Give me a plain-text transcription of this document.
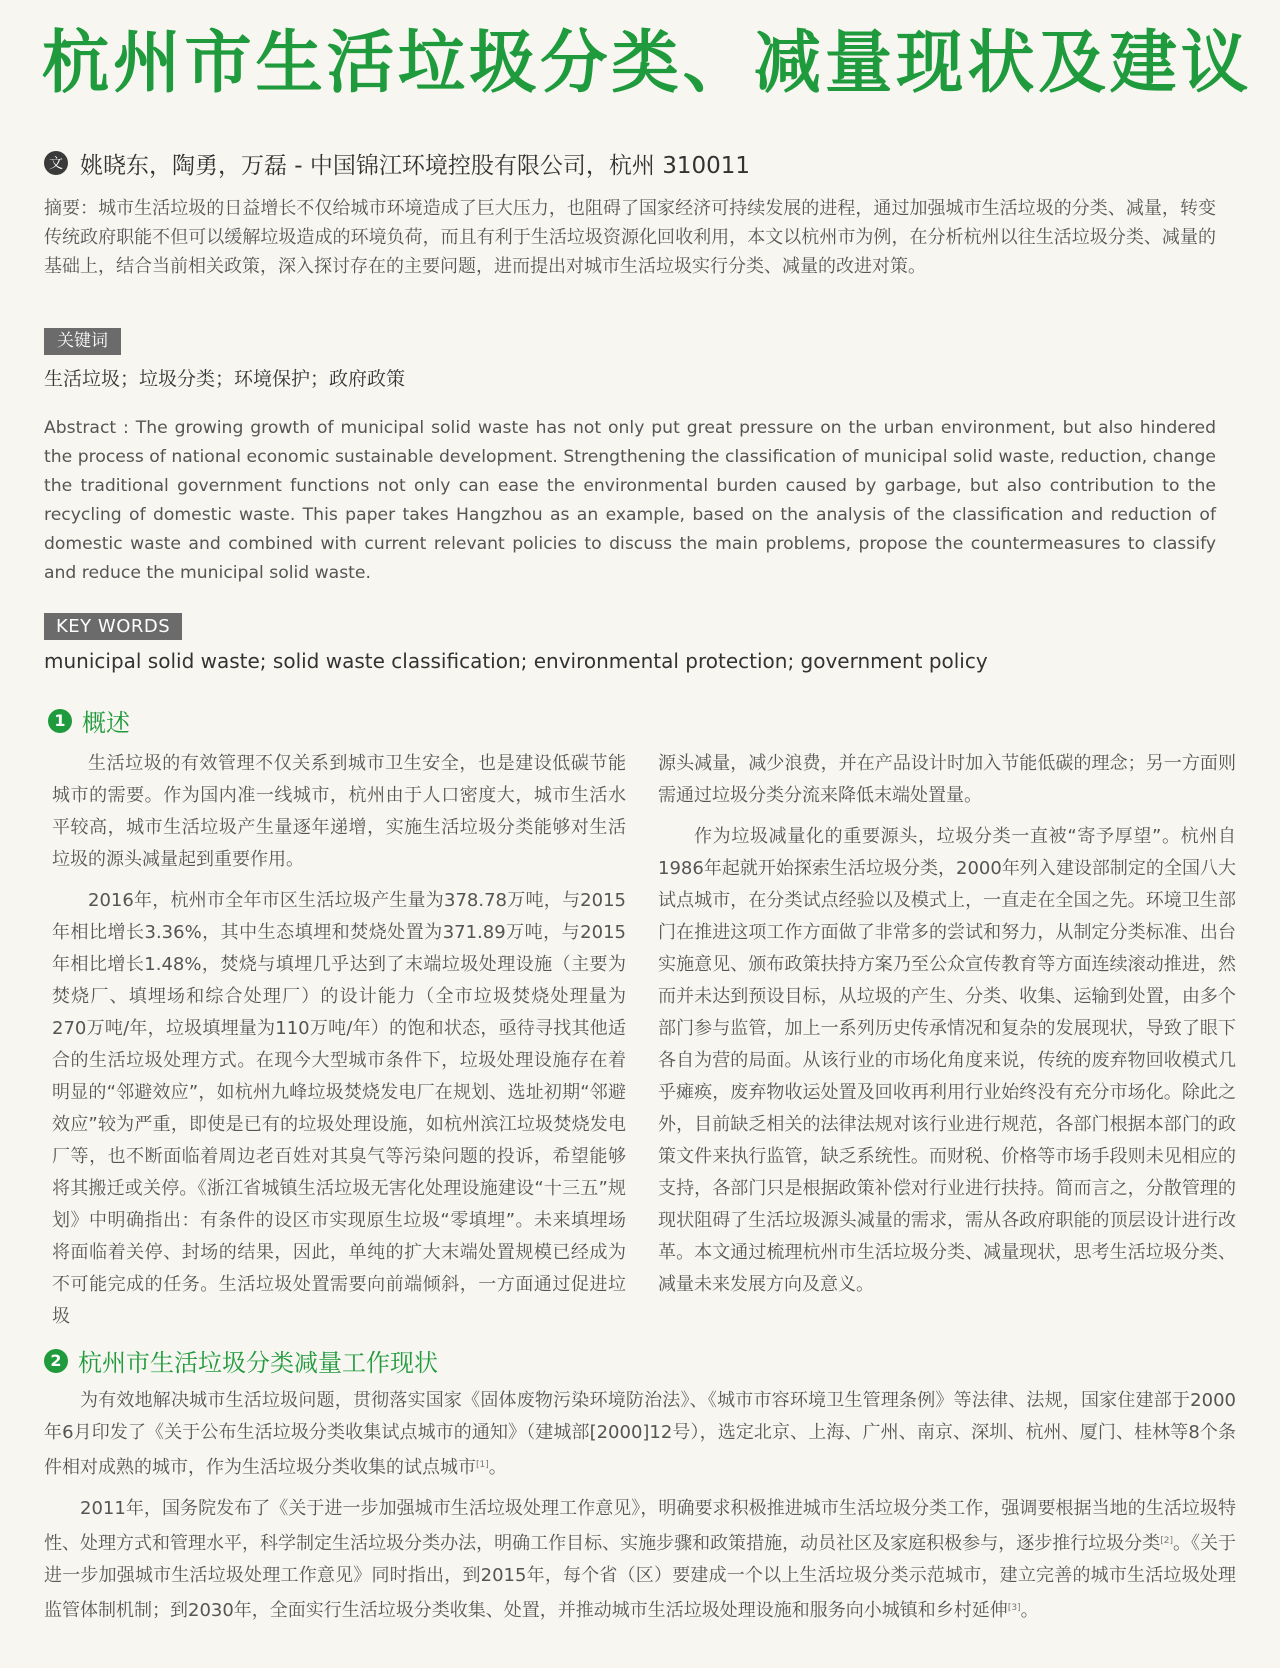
杭州市生活垃圾分类、减量现状及建议
文 姚晓东，陶勇，万磊 - 中国锦江环境控股有限公司，杭州 310011
摘要：城市生活垃圾的日益增长不仅给城市环境造成了巨大压力，也阻碍了国家经济可持续发展的进程，通过加强城市生活垃圾的分类、减量，转变传统政府职能不但可以缓解垃圾造成的环境负荷，而且有利于生活垃圾资源化回收利用，本文以杭州市为例，在分析杭州以往生活垃圾分类、减量的基础上，结合当前相关政策，深入探讨存在的主要问题，进而提出对城市生活垃圾实行分类、减量的改进对策。
关键词
生活垃圾；垃圾分类；环境保护；政府政策
Abstract : The growing growth of municipal solid waste has not only put great pressure on the urban environment, but also hindered the process of national economic sustainable development. Strengthening the classification of municipal solid waste, reduction, change the traditional government functions not only can ease the environmental burden caused by garbage, but also contribution to the recycling of domestic waste. This paper takes Hangzhou as an example, based on the analysis of the classification and reduction of domestic waste and combined with current relevant policies to discuss the main problems, propose the countermeasures to classify and reduce the municipal solid waste.
KEY WORDS
municipal solid waste; solid waste classification; environmental protection; government policy
1 概述

生活垃圾的有效管理不仅关系到城市卫生安全，也是建设低碳节能城市的需要。作为国内准一线城市，杭州由于人口密度大，城市生活水平较高，城市生活垃圾产生量逐年递增，实施生活垃圾分类能够对生活垃圾的源头减量起到重要作用。

2016年，杭州市全年市区生活垃圾产生量为378.78万吨，与2015年相比增长3.36%，其中生态填埋和焚烧处置为371.89万吨，与2015年相比增长1.48%，焚烧与填埋几乎达到了末端垃圾处理设施（主要为焚烧厂、填埋场和综合处理厂）的设计能力（全市垃圾焚烧处理量为270万吨/年，垃圾填埋量为110万吨/年）的饱和状态，亟待寻找其他适合的生活垃圾处理方式。在现今大型城市条件下，垃圾处理设施存在着明显的“邻避效应”，如杭州九峰垃圾焚烧发电厂在规划、选址初期“邻避效应”较为严重，即使是已有的垃圾处理设施，如杭州滨江垃圾焚烧发电厂等，也不断面临着周边老百姓对其臭气等污染问题的投诉，希望能够将其搬迁或关停。《浙江省城镇生活垃圾无害化处理设施建设“十三五”规划》中明确指出：有条件的设区市实现原生垃圾“零填埋”。未来填埋场将面临着关停、封场的结果，因此，单纯的扩大末端处置规模已经成为不可能完成的任务。生活垃圾处置需要向前端倾斜，一方面通过促进垃圾

源头减量，减少浪费，并在产品设计时加入节能低碳的理念；另一方面则需通过垃圾分类分流来降低末端处置量。

作为垃圾减量化的重要源头，垃圾分类一直被“寄予厚望”。杭州自1986年起就开始探索生活垃圾分类，2000年列入建设部制定的全国八大试点城市，在分类试点经验以及模式上，一直走在全国之先。环境卫生部门在推进这项工作方面做了非常多的尝试和努力，从制定分类标准、出台实施意见、颁布政策扶持方案乃至公众宣传教育等方面连续滚动推进，然而并未达到预设目标，从垃圾的产生、分类、收集、运输到处置，由多个部门参与监管，加上一系列历史传承情况和复杂的发展现状，导致了眼下各自为营的局面。从该行业的市场化角度来说，传统的废弃物回收模式几乎瘫痪，废弃物收运处置及回收再利用行业始终没有充分市场化。除此之外，目前缺乏相关的法律法规对该行业进行规范，各部门根据本部门的政策文件来执行监管，缺乏系统性。而财税、价格等市场手段则未见相应的支持，各部门只是根据政策补偿对行业进行扶持。简而言之，分散管理的现状阻碍了生活垃圾源头减量的需求，需从各政府职能的顶层设计进行改革。本文通过梳理杭州市生活垃圾分类、减量现状，思考生活垃圾分类、减量未来发展方向及意义。

2 杭州市生活垃圾分类减量工作现状

为有效地解决城市生活垃圾问题，贯彻落实国家《固体废物污染环境防治法》、《城市市容环境卫生管理条例》等法律、法规，国家住建部于2000年6月印发了《关于公布生活垃圾分类收集试点城市的通知》（建城部[2000]12号），选定北京、上海、广州、南京、深圳、杭州、厦门、桂林等8个条件相对成熟的城市，作为生活垃圾分类收集的试点城市[1]。

2011年，国务院发布了《关于进一步加强城市生活垃圾处理工作意见》，明确要求积极推进城市生活垃圾分类工作，强调要根据当地的生活垃圾特性、处理方式和管理水平，科学制定生活垃圾分类办法，明确工作目标、实施步骤和政策措施，动员社区及家庭积极参与，逐步推行垃圾分类[2]。《关于进一步加强城市生活垃圾处理工作意见》同时指出，到2015年，每个省（区）要建成一个以上生活垃圾分类示范城市，建立完善的城市生活垃圾处理监管体制机制；到2030年，全面实行生活垃圾分类收集、处置，并推动城市生活垃圾处理设施和服务向小城镇和乡村延伸[3]。
